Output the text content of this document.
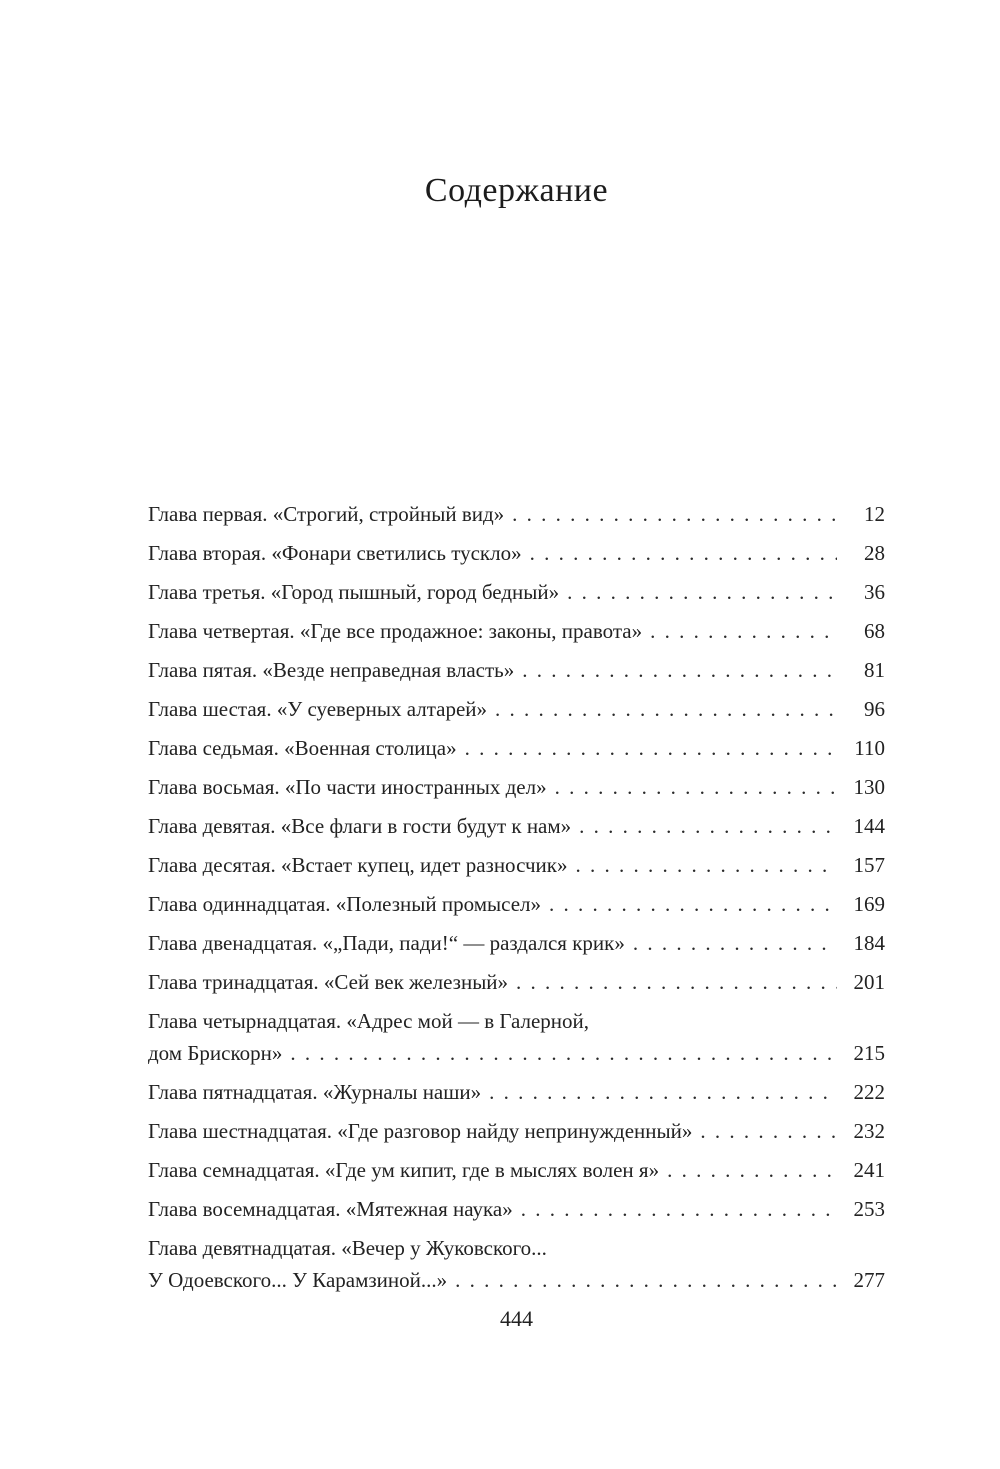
Содержание
Глава первая. «Строгий, стройный вид» . . .	12
Глава вторая. «Фонари светились тускло» . . .	28
Глава третья. «Город пышный, город бедный» . . .	36
Глава четвертая. «Где все продажное: законы, правота» . . .	68
Глава пятая. «Везде неправедная власть» . . .	81
Глава шестая. «У суеверных алтарей» . . .	96
Глава седьмая. «Военная столица» . . .	110
Глава восьмая. «По части иностранных дел» . . .	130
Глава девятая. «Все флаги в гости будут к нам» . . .	144
Глава десятая. «Встает купец, идет разносчик» . . .	157
Глава одиннадцатая. «Полезный промысел» . . .	169
Глава двенадцатая. «„Пади, пади!“ — раздался крик» . . .	184
Глава тринадцатая. «Сей век железный» . . .	201
Глава четырнадцатая. «Адрес мой — в Галерной,
дом Брискорн» . . .	215
Глава пятнадцатая. «Журналы наши» . . .	222
Глава шестнадцатая. «Где разговор найду непринужденный» . . .	232
Глава семнадцатая. «Где ум кипит, где в мыслях волен я» . . .	241
Глава восемнадцатая. «Мятежная наука» . . .	253
Глава девятнадцатая. «Вечер у Жуковского...
У Одоевского... У Карамзиной...» . . .	277
444
